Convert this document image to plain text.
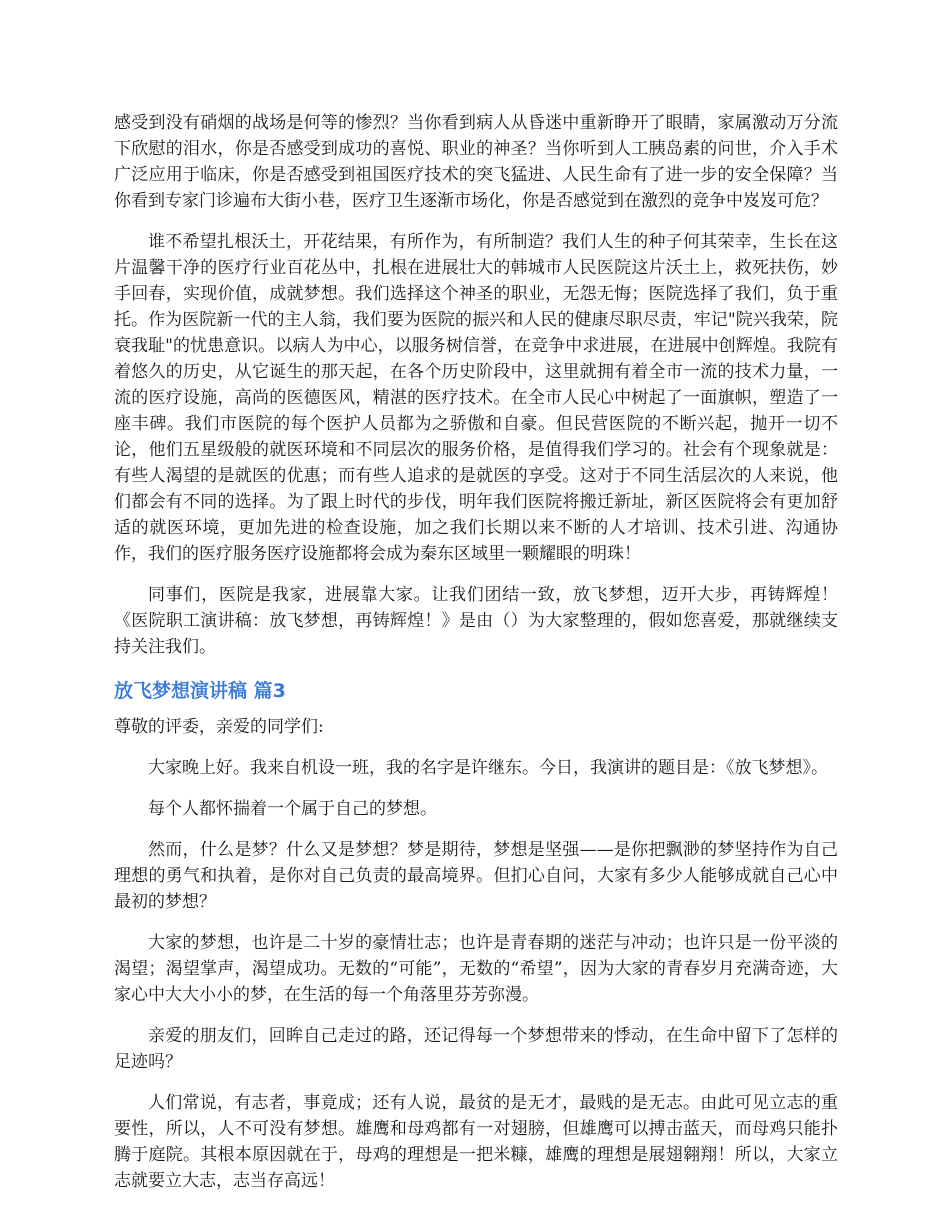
感受到没有硝烟的战场是何等的惨烈？当你看到病人从昏迷中重新睁开了眼睛，家属激动万分流下欣慰的泪水，你是否感受到成功的喜悦、职业的神圣？当你听到人工胰岛素的问世，介入手术广泛应用于临床，你是否感受到祖国医疗技术的突飞猛进、人民生命有了进一步的安全保障？当你看到专家门诊遍布大街小巷，医疗卫生逐渐市场化，你是否感觉到在激烈的竞争中岌岌可危？

谁不希望扎根沃土，开花结果，有所作为，有所制造？我们人生的种子何其荣幸，生长在这片温馨干净的医疗行业百花丛中，扎根在进展壮大的韩城市人民医院这片沃土上，救死扶伤，妙手回春，实现价值，成就梦想。我们选择这个神圣的职业，无怨无悔；医院选择了我们，负于重托。作为医院新一代的主人翁，我们要为医院的振兴和人民的健康尽职尽责，牢记"院兴我荣，院衰我耻"的忧患意识。以病人为中心，以服务树信誉，在竞争中求进展，在进展中创辉煌。我院有着悠久的历史，从它诞生的那天起，在各个历史阶段中，这里就拥有着全市一流的技术力量，一流的医疗设施，高尚的医德医风，精湛的医疗技术。在全市人民心中树起了一面旗帜，塑造了一座丰碑。我们市医院的每个医护人员都为之骄傲和自豪。但民营医院的不断兴起，抛开一切不论，他们五星级般的就医环境和不同层次的服务价格，是值得我们学习的。社会有个现象就是：有些人渴望的是就医的优惠；而有些人追求的是就医的享受。这对于不同生活层次的人来说，他们都会有不同的选择。为了跟上时代的步伐，明年我们医院将搬迁新址，新区医院将会有更加舒适的就医环境，更加先进的检查设施，加之我们长期以来不断的人才培训、技术引进、沟通协作，我们的医疗服务医疗设施都将会成为秦东区域里一颗耀眼的明珠！

同事们，医院是我家，进展靠大家。让我们团结一致，放飞梦想，迈开大步，再铸辉煌！《医院职工演讲稿：放飞梦想，再铸辉煌！》是由（）为大家整理的，假如您喜爱，那就继续支持关注我们。

放飞梦想演讲稿 篇3

尊敬的评委，亲爱的同学们:

大家晚上好。我来自机设一班，我的名字是许继东。今日，我演讲的题目是：《放飞梦想》。

每个人都怀揣着一个属于自己的梦想。

然而，什么是梦？什么又是梦想？梦是期待，梦想是坚强——是你把飘渺的梦坚持作为自己理想的勇气和执着，是你对自己负责的最高境界。但扪心自问，大家有多少人能够成就自己心中最初的梦想？

大家的梦想，也许是二十岁的豪情壮志；也许是青春期的迷茫与冲动；也许只是一份平淡的渴望；渴望掌声，渴望成功。无数的“可能”，无数的“希望”，因为大家的青春岁月充满奇迹，大家心中大大小小的梦，在生活的每一个角落里芬芳弥漫。

亲爱的朋友们，回眸自己走过的路，还记得每一个梦想带来的悸动，在生命中留下了怎样的足迹吗？

人们常说，有志者，事竟成；还有人说，最贫的是无才，最贱的是无志。由此可见立志的重要性，所以，人不可没有梦想。雄鹰和母鸡都有一对翅膀，但雄鹰可以搏击蓝天，而母鸡只能扑腾于庭院。其根本原因就在于，母鸡的理想是一把米糠，雄鹰的理想是展翅翱翔！所以，大家立志就要立大志，志当存高远！
